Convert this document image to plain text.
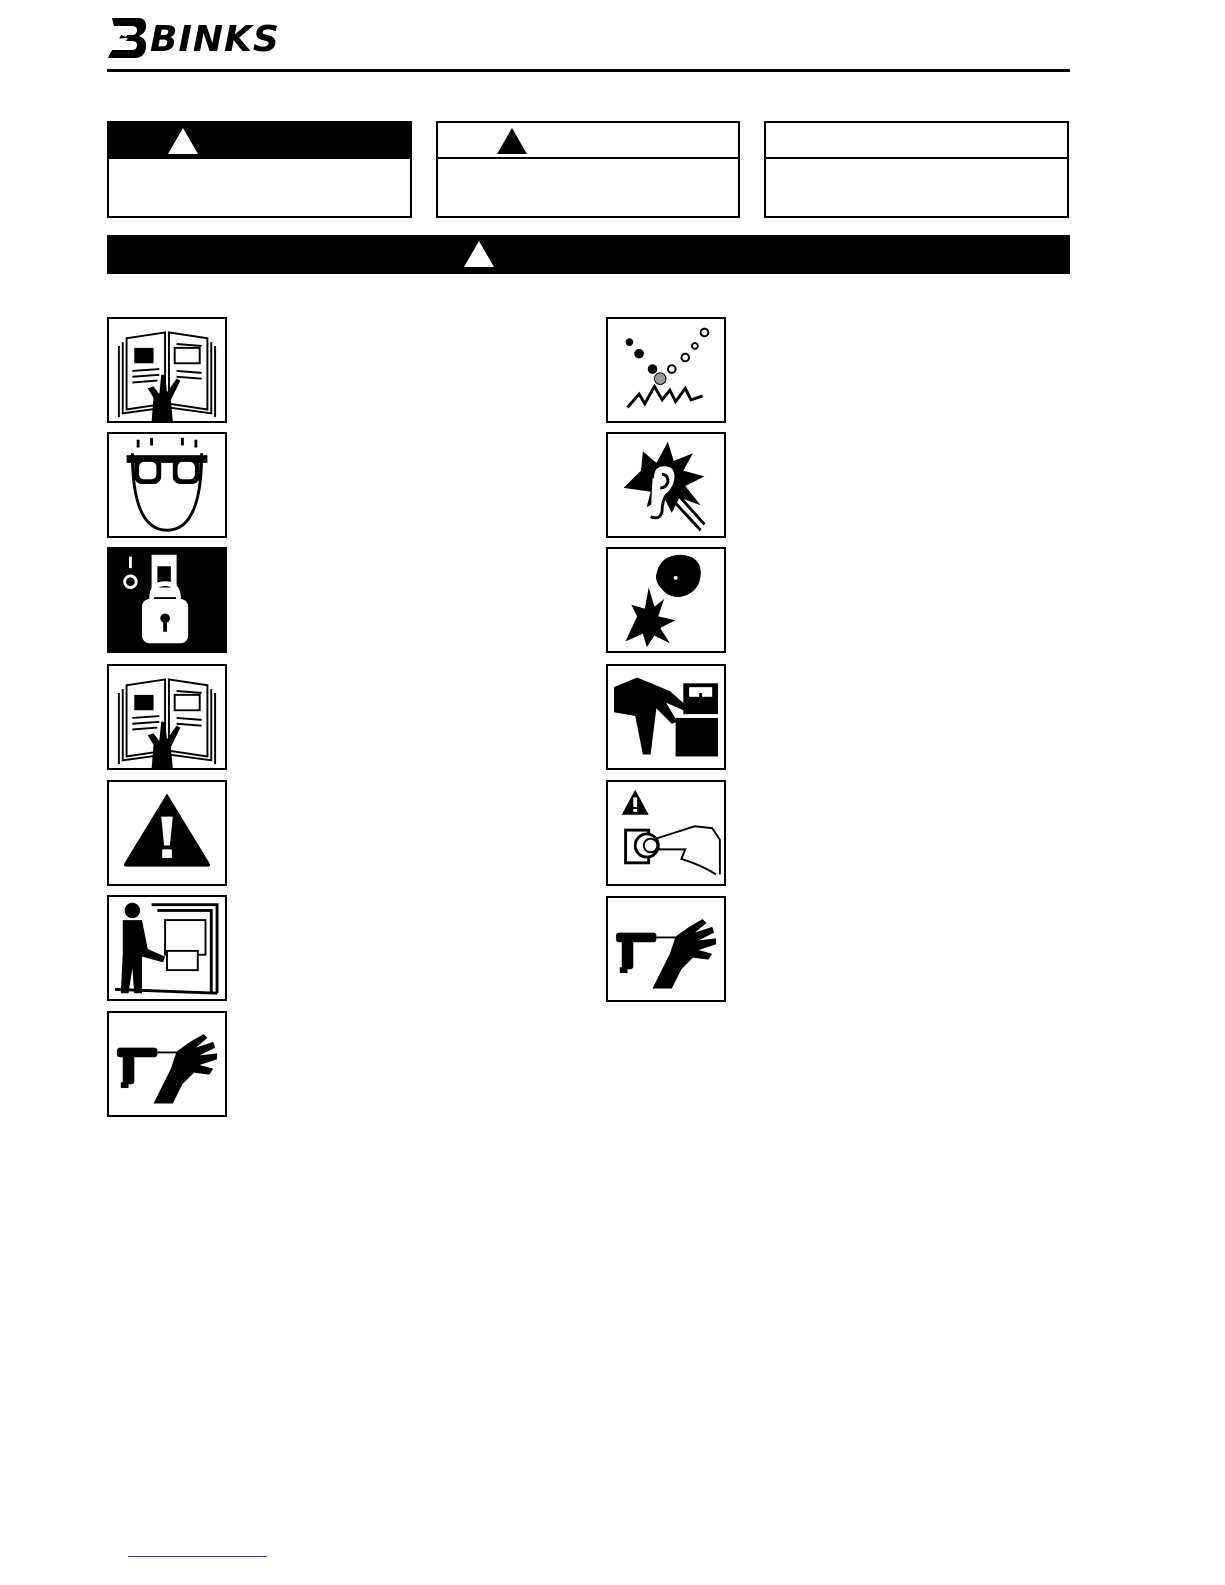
BINKS
